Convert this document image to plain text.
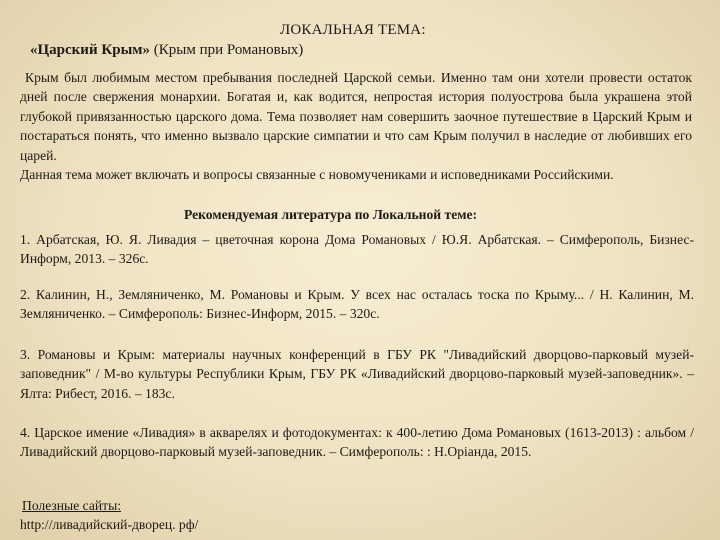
ЛОКАЛЬНАЯ ТЕМА:
«Царский Крым» (Крым при Романовых)

Крым был любимым местом пребывания последней Царской семьи. Именно там они хотели провести остаток дней после свержения монархии. Богатая и, как водится, непростая история полуострова была украшена этой глубокой привязанностью царского дома. Тема позволяет нам совершить заочное путешествие в Царский Крым и постараться понять, что именно вызвало царские симпатии и что сам Крым получил в наследие от любивших его царей.

Данная тема может включать и вопросы связанные с новомучениками и исповедниками Российскими.

Рекомендуемая литература по Локальной теме:

1. Арбатская, Ю. Я. Ливадия – цветочная корона Дома Романовых / Ю.Я. Арбатская. – Симферополь, Бизнес-Информ, 2013. – 326с.

2. Калинин, Н., Земляниченко, М. Романовы и Крым. У всех нас осталась тоска по Крыму... / Н. Калинин, М. Земляниченко. – Симферополь: Бизнес-Информ, 2015. – 320с.

3. Романовы и Крым: материалы научных конференций в ГБУ РК "Ливадийский дворцово-парковый музей-заповедник" / М-во культуры Республики Крым, ГБУ РК «Ливадийский дворцово-парковый музей-заповедник». – Ялта: Рибест, 2016. – 183с.

4. Царское имение «Ливадия» в акварелях и фотодокументах: к 400-летию Дома Романовых (1613-2013) : альбом / Ливадийский дворцово-парковый музей-заповедник. – Симферополь: : Н.Оріанда, 2015.

Полезные сайты:
http://ливадийский-дворец. рф/
